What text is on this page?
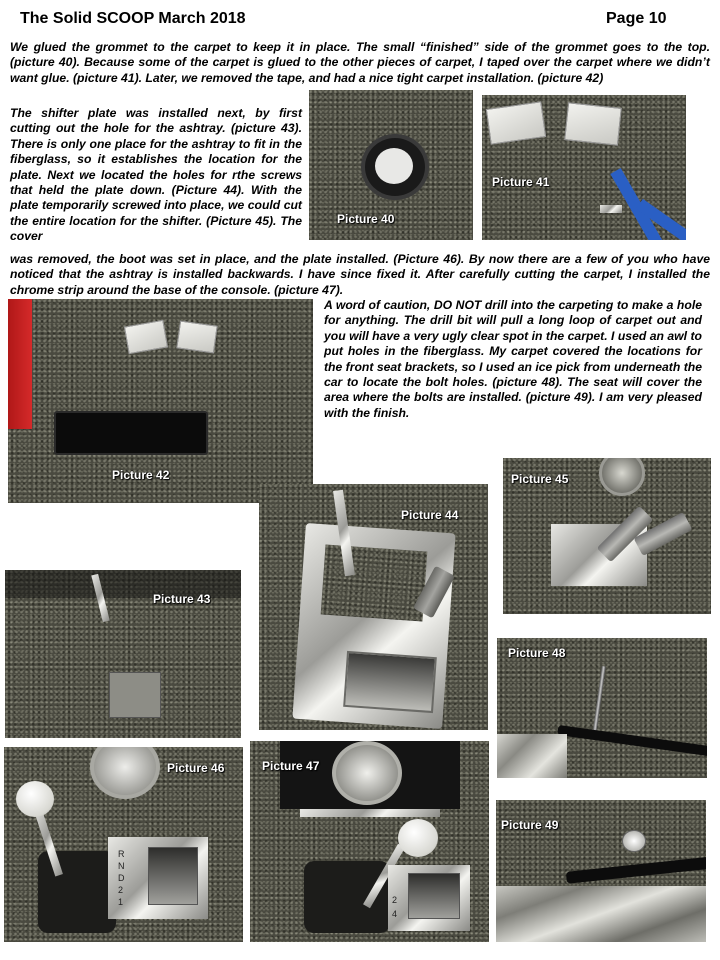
The Solid SCOOP March 2018	Page 10

We glued the grommet to the carpet to keep it in place. The small “finished” side of the grommet goes to the top. (picture 40). Because some of the carpet is glued to the other pieces of carpet, I taped over the carpet where we didn’t want glue. (picture 41). Later, we removed the tape, and had a nice tight carpet installation. (picture 42)

The shifter plate was installed next, by first cutting out the hole for the ashtray. (picture 43). There is only one place for the ashtray to fit in the fiberglass, so it establishes the location for the plate. Next we located the holes for rthe screws that held the plate down. (Picture 44). With the plate temporarily screwed into place, we could cut the entire location for the shifter. (Picture 45). The cover

was removed, the boot was set in place, and the plate installed. (Picture 46). By now there are a few of you who have noticed that the ashtray is installed backwards. I have since fixed it. After carefully cutting the carpet, I installed the chrome strip around the base of the console. (picture 47).

A word of caution, DO NOT drill into the carpeting to make a hole for anything. The drill bit will pull a long loop of carpet out and you will have a very ugly clear spot in the carpet. I used an awl to put holes in the fiberglass. My carpet covered the locations for the front seat brackets, so I used an ice pick from underneath the car to locate the bolt holes. (picture 48). The seat will cover the area where the bolts are installed. (picture 49). I am very pleased with the finish.

Picture 40
Picture 41
Picture 42
Picture 43
Picture 44
Picture 45
R
N
D
2
1
Picture 46
2
4
Picture 47
Picture 48
Picture 49
